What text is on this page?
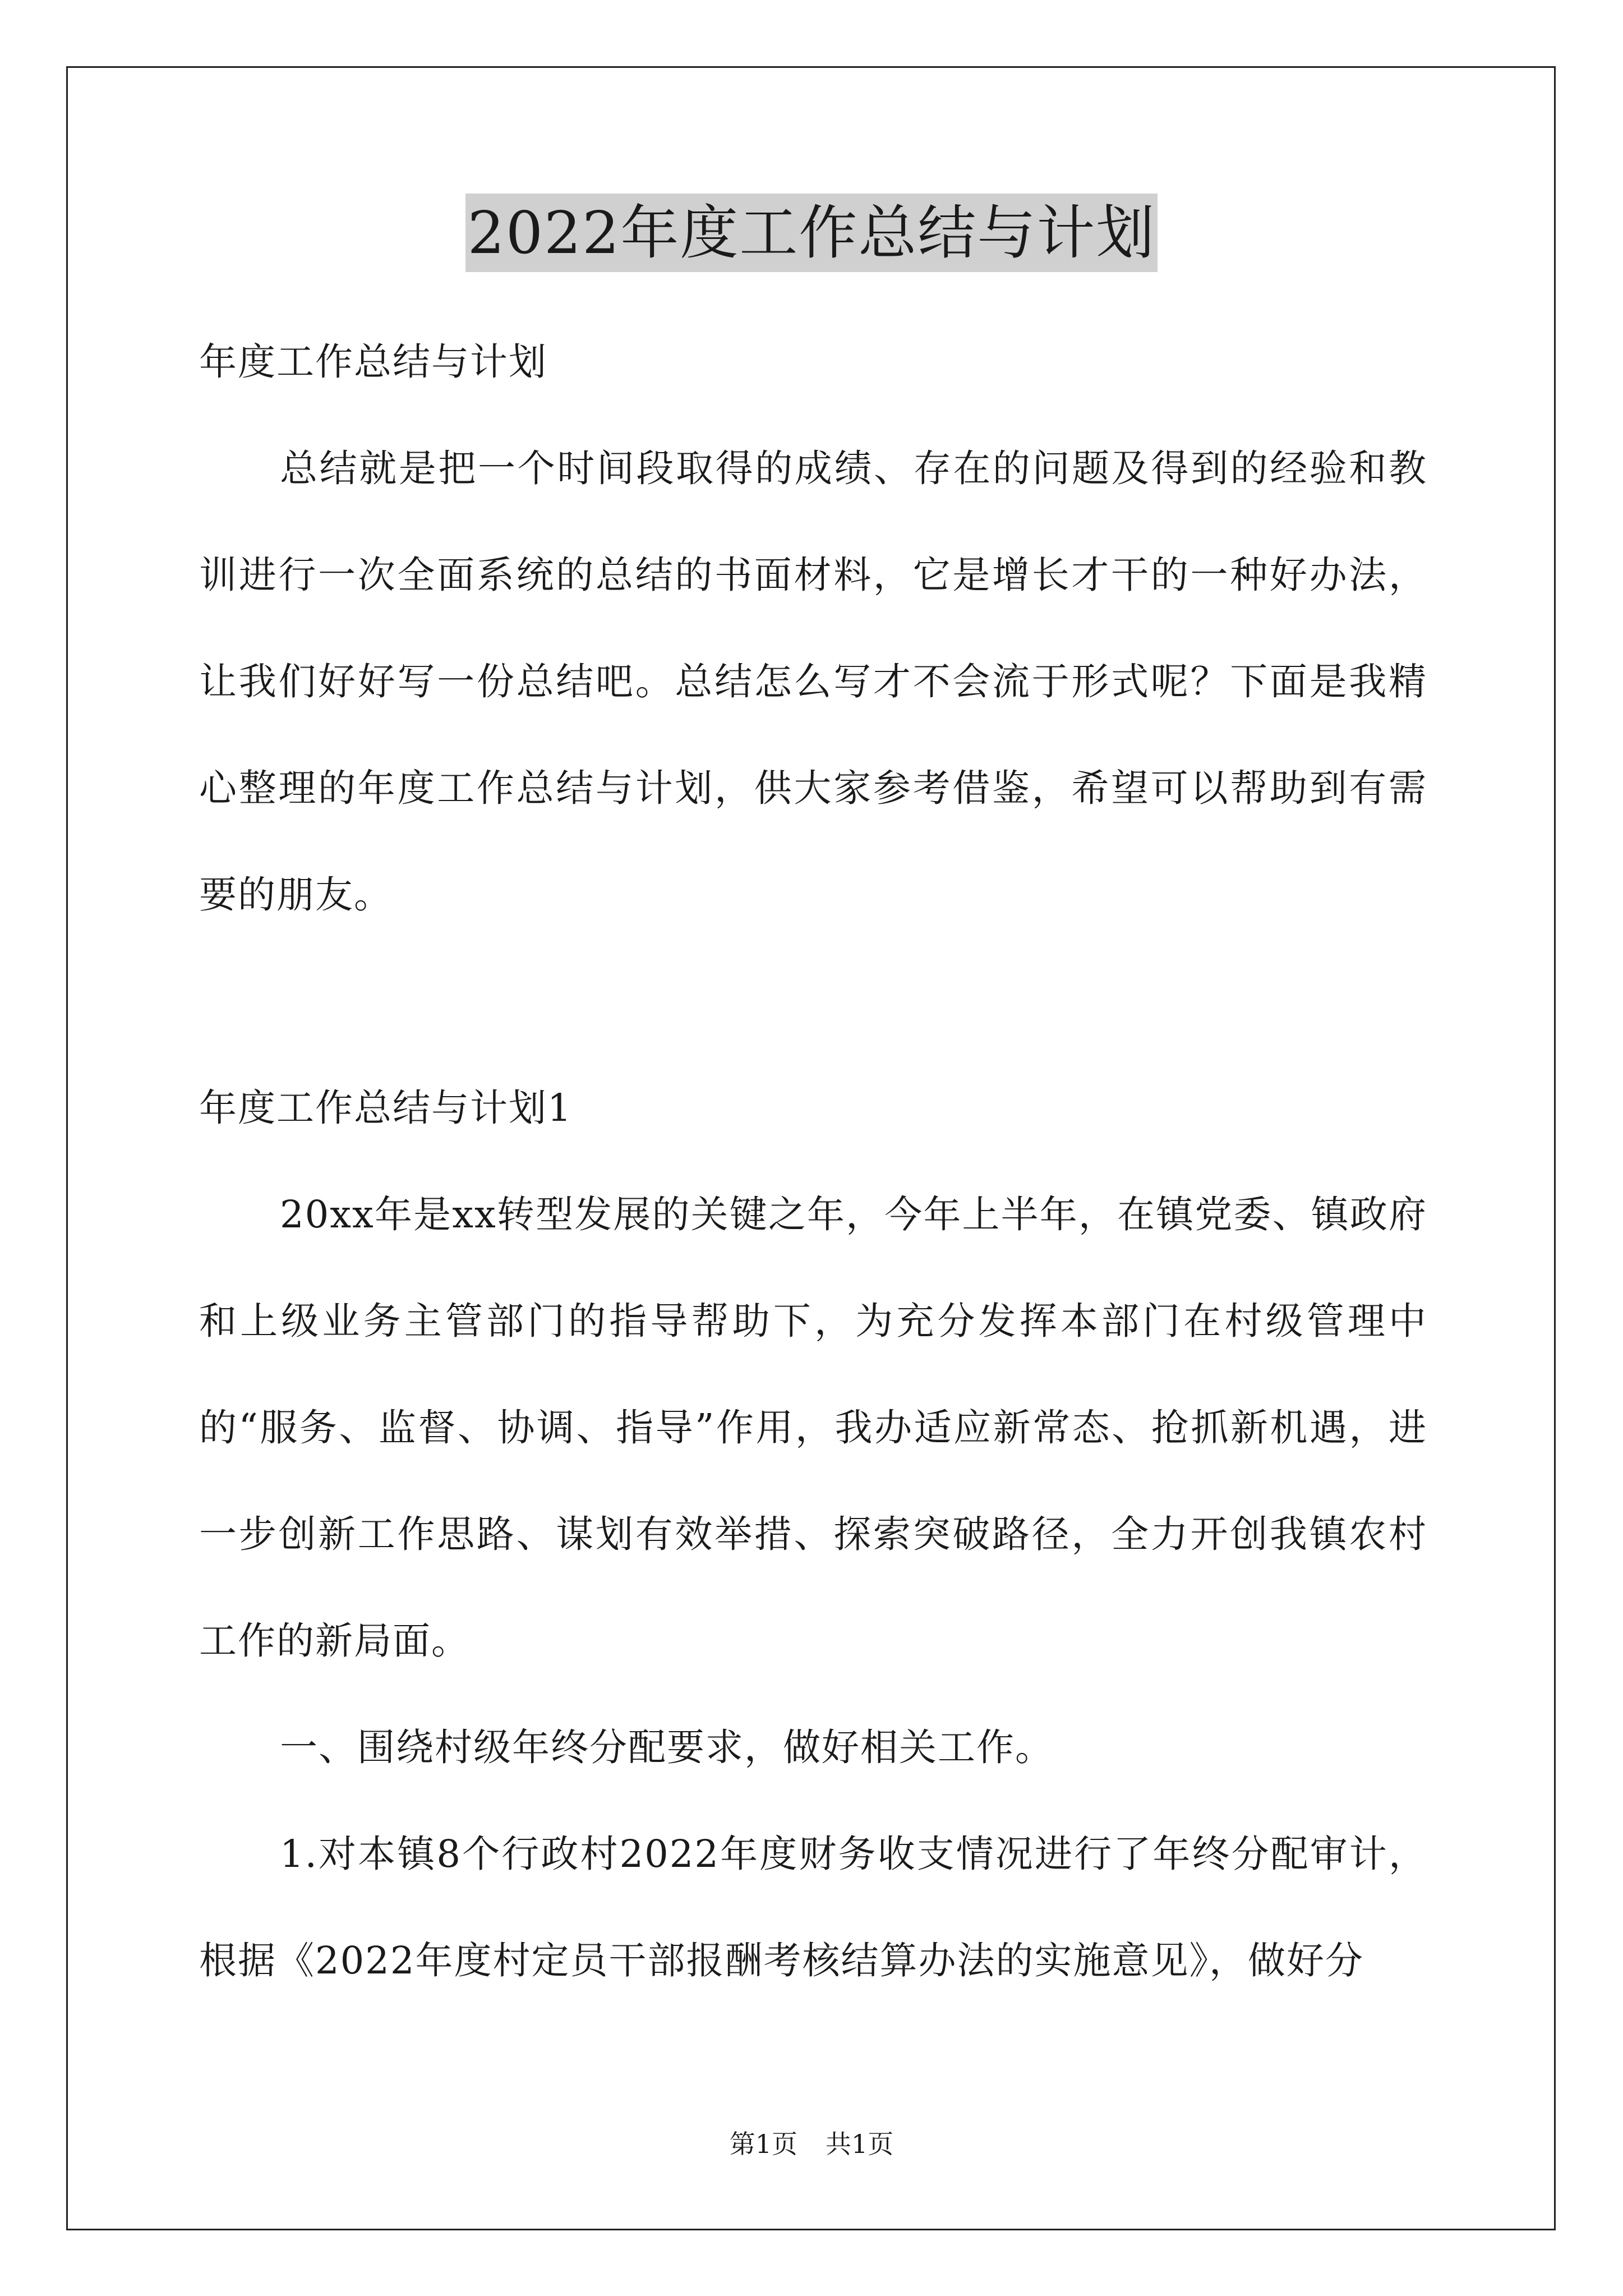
2022年度工作总结与计划

年度工作总结与计划

总结就是把一个时间段取得的成绩、存在的问题及得到的经验和教训进行一次全面系统的总结的书面材料，它是增长才干的一种好办法，让我们好好写一份总结吧。总结怎么写才不会流于形式呢？下面是我精心整理的年度工作总结与计划，供大家参考借鉴，希望可以帮助到有需要的朋友。

年度工作总结与计划1

20xx年是xx转型发展的关键之年，今年上半年，在镇党委、镇政府和上级业务主管部门的指导帮助下，为充分发挥本部门在村级管理中的“服务、监督、协调、指导”作用，我办适应新常态、抢抓新机遇，进一步创新工作思路、谋划有效举措、探索突破路径，全力开创我镇农村工作的新局面。

一、围绕村级年终分配要求，做好相关工作。

1.对本镇8个行政村2022年度财务收支情况进行了年终分配审计，根据《2022年度村定员干部报酬考核结算办法的实施意见》，做好分

第1页 共1页
